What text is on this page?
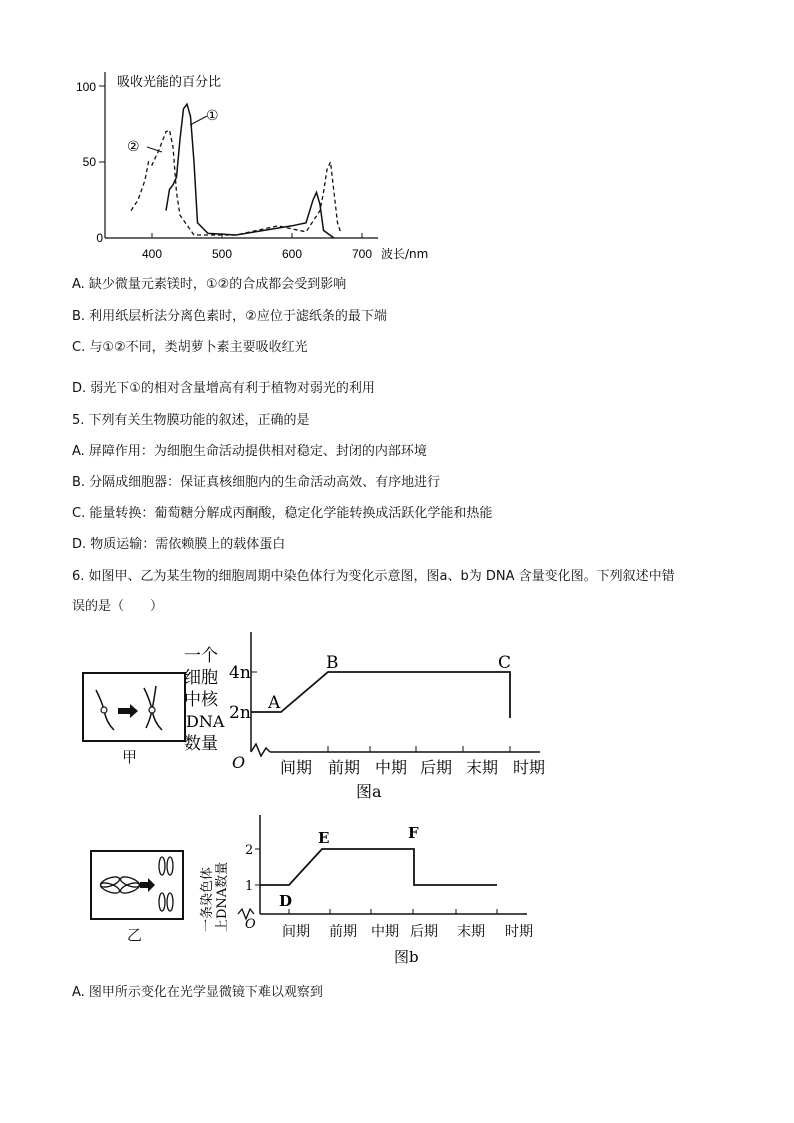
100
50
0
400	500	600	700 波长/nm
吸收光能的百分比
①
②
A. 缺少微量元素镁时，①②的合成都会受到影响
B. 利用纸层析法分离色素时，②应位于滤纸条的最下端
C. 与①②不同，类胡萝卜素主要吸收红光
D. 弱光下①的相对含量增高有利于植物对弱光的利用
5. 下列有关生物膜功能的叙述，正确的是
A. 屏障作用：为细胞生命活动提供相对稳定、封闭的内部环境
B. 分隔成细胞器：保证真核细胞内的生命活动高效、有序地进行
C. 能量转换：葡萄糖分解成丙酮酸，稳定化学能转换成活跃化学能和热能
D. 物质运输：需依赖膜上的载体蛋白
6. 如图甲、乙为某生物的细胞周期中染色体行为变化示意图，图a、b为 DNA 含量变化图。下列叙述中错
误的是（　　）
甲
一个
细胞
中核
DNA
数量
4n
2n
O
A
B	C
间期 前期 中期 后期 末期 时期
图a
乙
一条染色体 上DNA数量
2
1
O
D
E	F
间期 前期 中期 后期 末期 时期
图b
A. 图甲所示变化在光学显微镜下难以观察到
